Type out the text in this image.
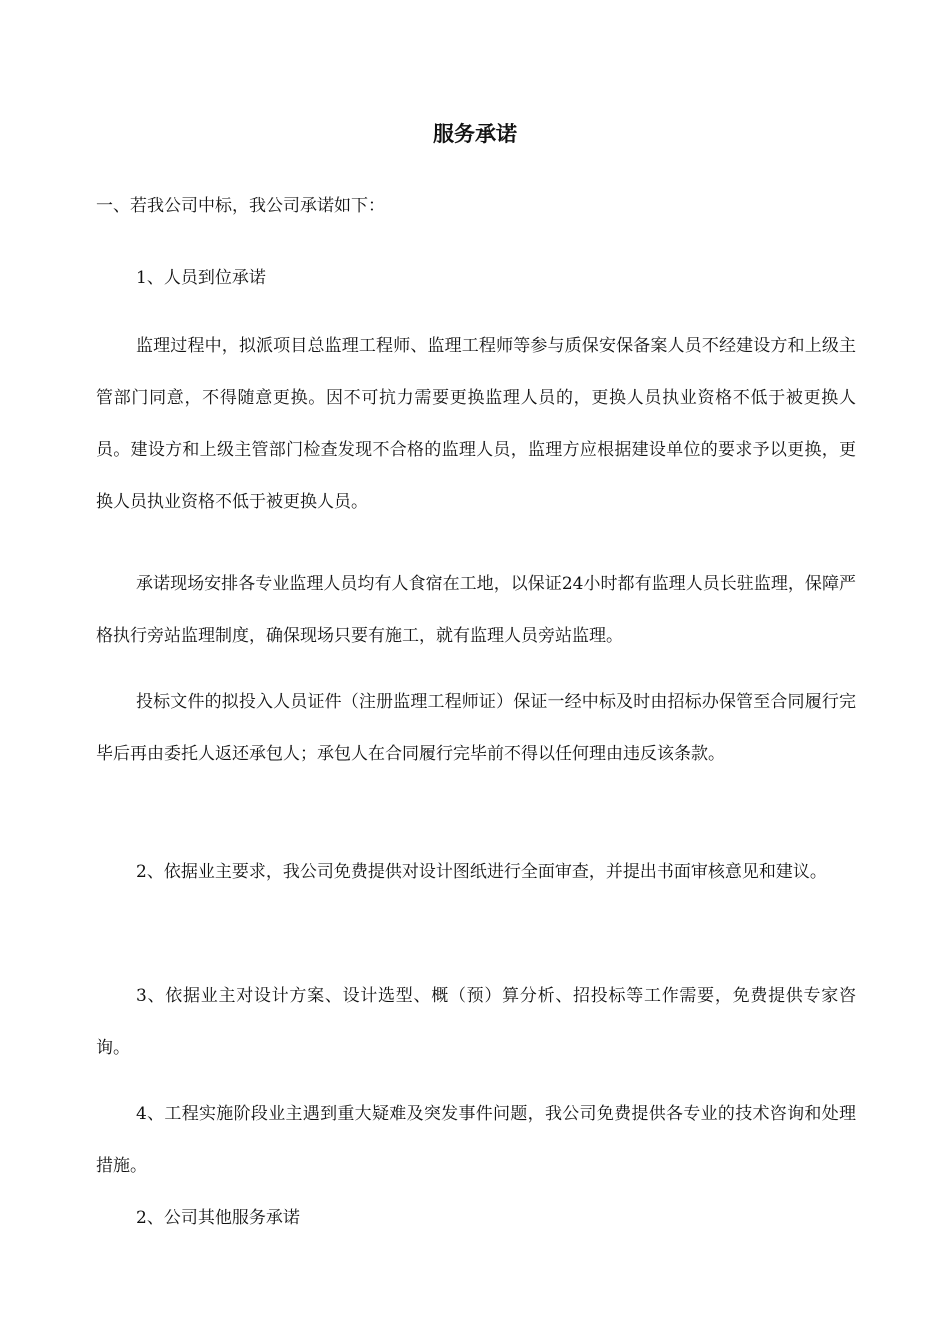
服务承诺

一、若我公司中标，我公司承诺如下：

1、人员到位承诺

监理过程中，拟派项目总监理工程师、监理工程师等参与质保安保备案人员不经建设方和上级主管部门同意，不得随意更换。因不可抗力需要更换监理人员的，更换人员执业资格不低于被更换人员。建设方和上级主管部门检查发现不合格的监理人员，监理方应根据建设单位的要求予以更换，更换人员执业资格不低于被更换人员。

承诺现场安排各专业监理人员均有人食宿在工地，以保证24小时都有监理人员长驻监理，保障严格执行旁站监理制度，确保现场只要有施工，就有监理人员旁站监理。

投标文件的拟投入人员证件（注册监理工程师证）保证一经中标及时由招标办保管至合同履行完毕后再由委托人返还承包人；承包人在合同履行完毕前不得以任何理由违反该条款。

2、依据业主要求，我公司免费提供对设计图纸进行全面审查，并提出书面审核意见和建议。

3、依据业主对设计方案、设计选型、概（预）算分析、招投标等工作需要，免费提供专家咨询。

4、工程实施阶段业主遇到重大疑难及突发事件问题，我公司免费提供各专业的技术咨询和处理措施。

2、公司其他服务承诺
